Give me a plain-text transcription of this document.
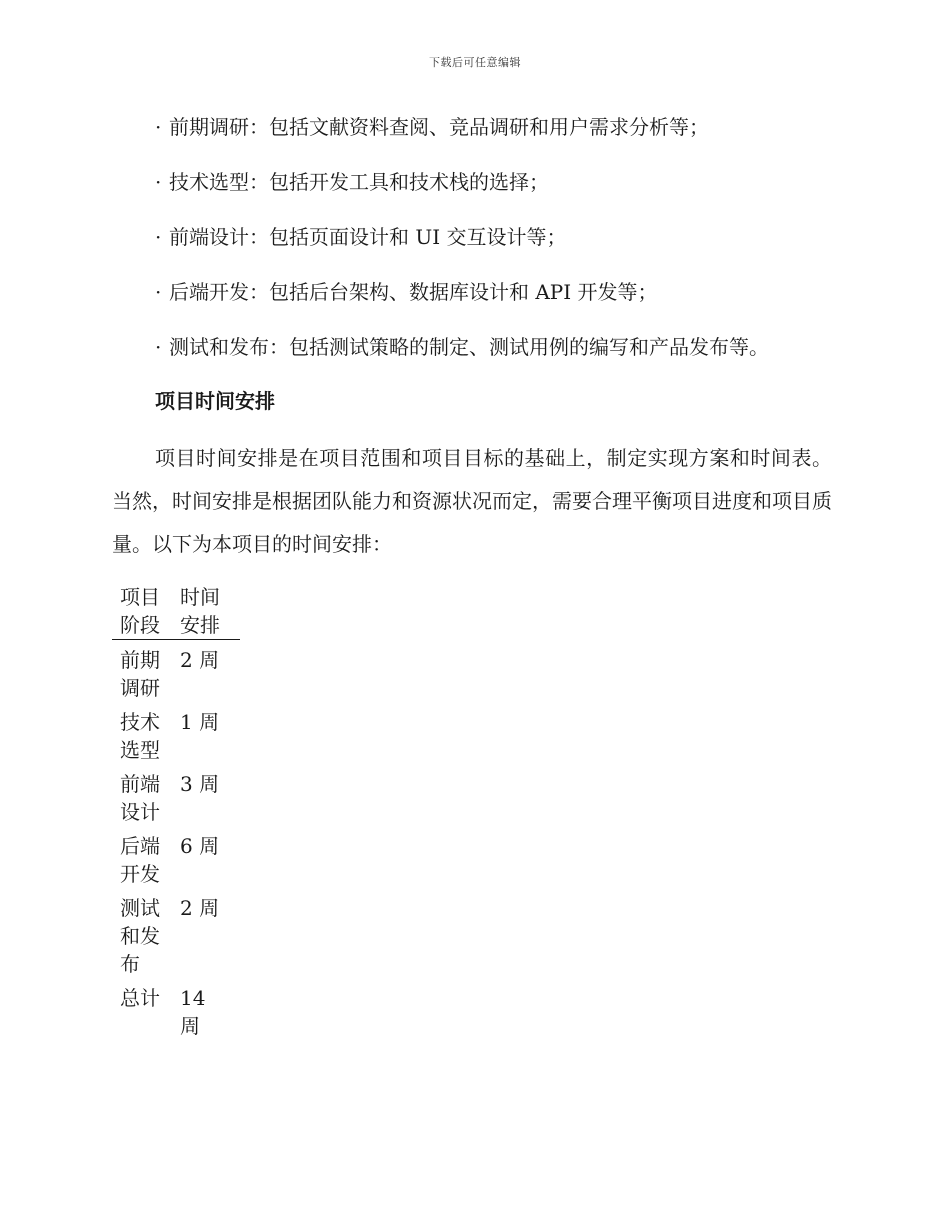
下载后可任意编辑
· 前期调研：包括文献资料查阅、竞品调研和用户需求分析等；
· 技术选型：包括开发工具和技术栈的选择；
· 前端设计：包括页面设计和 UI 交互设计等；
· 后端开发：包括后台架构、数据库设计和 API 开发等；
· 测试和发布：包括测试策略的制定、测试用例的编写和产品发布等。
项目时间安排

项目时间安排是在项目范围和项目目标的基础上，制定实现方案和时间表。当然，时间安排是根据团队能力和资源状况而定，需要合理平衡项目进度和项目质量。以下为本项目的时间安排：

项目阶段	时间安排
前期调研	2 周
技术选型	1 周
前端设计	3 周
后端开发	6 周
测试和发布	2 周
总计	14 周
